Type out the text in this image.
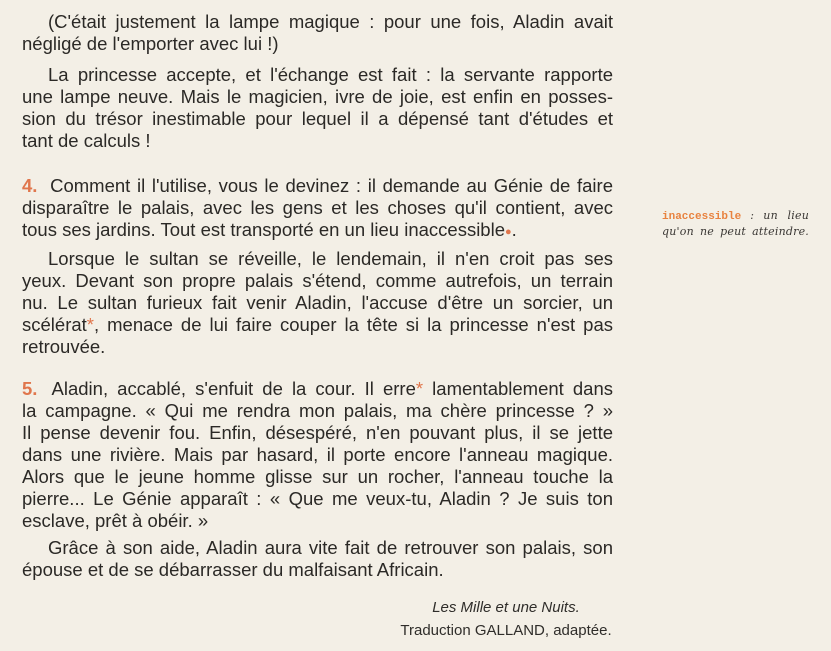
(C'était justement la lampe magique : pour une fois, Aladin avait
négligé de l'emporter avec lui !)
La princesse accepte, et l'échange est fait : la servante rapporte
une lampe neuve. Mais le magicien, ivre de joie, est enfin en posses-
sion du trésor inestimable pour lequel il a dépensé tant d'études et
tant de calculs !
4. Comment il l'utilise, vous le devinez : il demande au Génie de faire
disparaître le palais, avec les gens et les choses qu'il contient, avec
tous ses jardins. Tout est transporté en un lieu inaccessible●.
Lorsque le sultan se réveille, le lendemain, il n'en croit pas ses
yeux. Devant son propre palais s'étend, comme autrefois, un terrain
nu. Le sultan furieux fait venir Aladin, l'accuse d'être un sorcier, un
scélérat*, menace de lui faire couper la tête si la princesse n'est pas
retrouvée.
5. Aladin, accablé, s'enfuit de la cour. Il erre* lamentablement dans
la campagne. « Qui me rendra mon palais, ma chère princesse ? »
Il pense devenir fou. Enfin, désespéré, n'en pouvant plus, il se jette
dans une rivière. Mais par hasard, il porte encore l'anneau magique.
Alors que le jeune homme glisse sur un rocher, l'anneau touche la
pierre... Le Génie apparaît : « Que me veux-tu, Aladin ? Je suis ton
esclave, prêt à obéir. »
Grâce à son aide, Aladin aura vite fait de retrouver son palais, son
épouse et de se débarrasser du malfaisant Africain.
inaccessible : un lieu
qu'on ne peut atteindre.
Les Mille et une Nuits.
Traduction GALLAND, adaptée.
